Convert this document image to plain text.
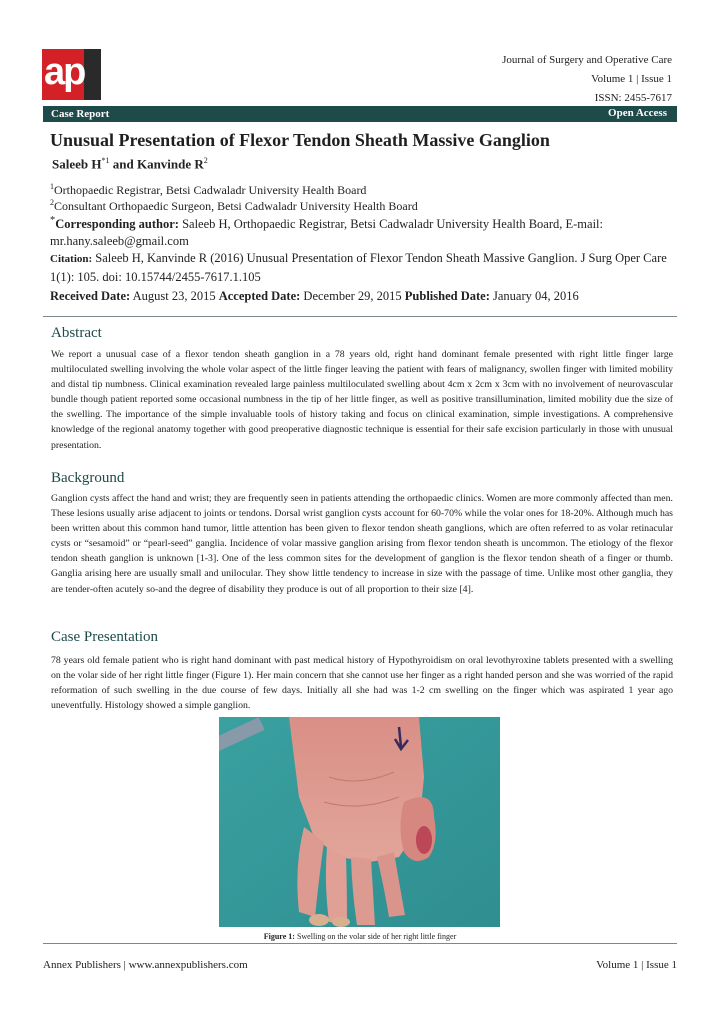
ap	Journal of Surgery and Operative Care
Volume 1 | Issue 1
ISSN: 2455-7617
Case Report	Open Access
Unusual Presentation of Flexor Tendon Sheath Massive Ganglion
Saleeb $H^{*1}$ and Kanvinde $R^2$
$^1$Orthopaedic Registrar, Betsi Cadwaladr University Health Board
$^2$Consultant Orthopaedic Surgeon, Betsi Cadwaladr University Health Board
*Corresponding author: Saleeb H, Orthopaedic Registrar, Betsi Cadwaladr University Health Board, E-mail: mr.hany.saleeb@gmail.com
Citation: Saleeb H, Kanvinde R (2016) Unusual Presentation of Flexor Tendon Sheath Massive Ganglion. J Surg Oper Care 1(1): 105. doi: 10.15744/2455-7617.1.105
Received Date: August 23, 2015 Accepted Date: December 29, 2015 Published Date: January 04, 2016
Abstract
We report a unusual case of a flexor tendon sheath ganglion in a 78 years old, right hand dominant female presented with right little finger large multiloculated swelling involving the whole volar aspect of the little finger leaving the patient with fears of malignancy, swollen finger with limited mobility and distal tip numbness. Clinical examination revealed large painless multiloculated swelling about 4cm x 2cm x 3cm with no involvement of neurovascular bundle though patient reported some occasional numbness in the tip of her little finger, as well as positive transillumination, limited mobility due the size of the swelling. The importance of the simple invaluable tools of history taking and focus on clinical examination, simple investigations. A comprehensive knowledge of the regional anatomy together with good preoperative diagnostic technique is essential for their safe excision particularly in those with unusual presentation.
Background
Ganglion cysts affect the hand and wrist; they are frequently seen in patients attending the orthopaedic clinics. Women are more commonly affected than men. These lesions usually arise adjacent to joints or tendons. Dorsal wrist ganglion cysts account for 60-70% while the volar ones for 18-20%. Although much has been written about this common hand tumor, little attention has been given to flexor tendon sheath ganglions, which are often referred to as volar retinacular cysts or “sesamoid” or “pearl-seed” ganglia. Incidence of volar massive ganglion arising from flexor tendon sheath is uncommon. The etiology of the flexor tendon sheath ganglion is unknown [1-3]. One of the less common sites for the development of ganglion is the flexor tendon sheath of a finger or thumb. Ganglia arising here are usually small and unilocular. They show little tendency to increase in size with the passage of time. Unlike most other ganglia, they are tender-often acutely so-and the degree of disability they produce is out of all proportion to their size [4].
Case Presentation
78 years old female patient who is right hand dominant with past medical history of Hypothyroidism on oral levothyroxine tablets presented with a swelling on the volar side of her right little finger (Figure 1). Her main concern that she cannot use her finger as a right handed person and she was worried of the rapid reformation of such swelling in the due course of few days. Initially all she had was 1-2 cm swelling on the finger which was aspirated 1 year ago uneventfully. Histology showed a simple ganglion.
Figure 1: Swelling on the volar side of her right little finger
Annex Publishers | www.annexpublishers.com	Volume 1 | Issue 1
